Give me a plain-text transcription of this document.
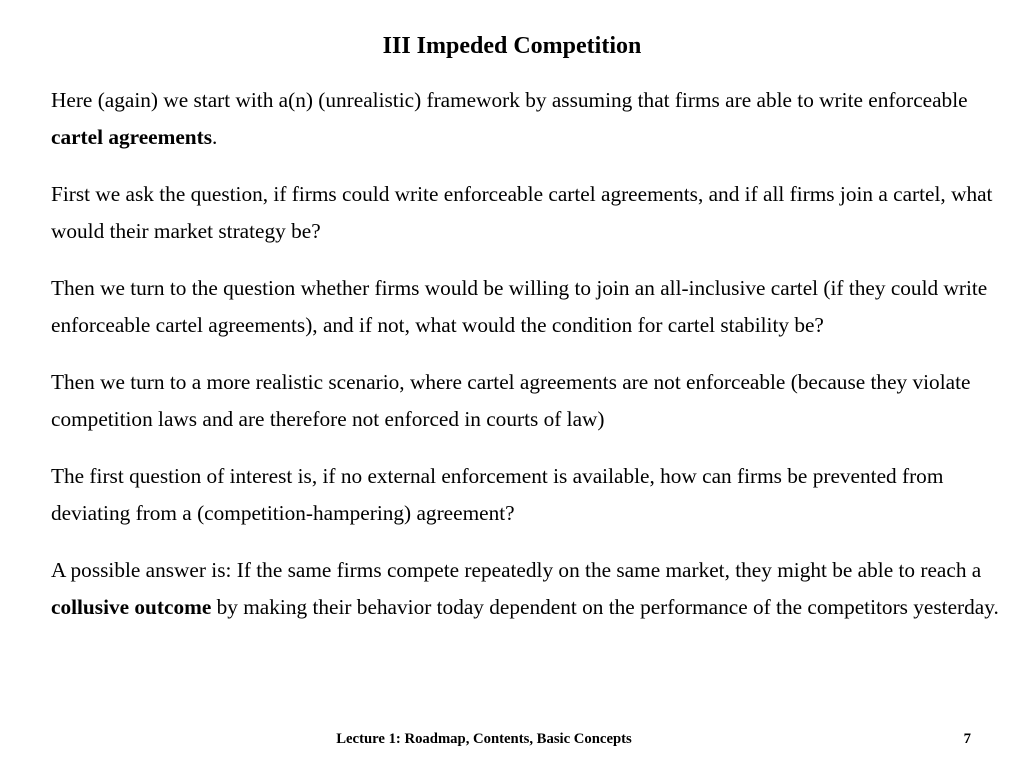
III Impeded Competition

Here (again) we start with a(n) (unrealistic) framework by assuming that firms are able to write enforceable cartel agreements.

First we ask the question, if firms could write enforceable cartel agreements, and if all firms join a cartel, what would their market strategy be?

Then we turn to the question whether firms would be willing to join an all-inclusive cartel (if they could write enforceable cartel agreements), and if not, what would the condition for cartel stability be?

Then we turn to a more realistic scenario, where cartel agreements are not enforceable (because they violate competition laws and are therefore not enforced in courts of law)

The first question of interest is, if no external enforcement is available, how can firms be prevented from deviating from a (competition-hampering) agreement?

A possible answer is: If the same firms compete repeatedly on the same market, they might be able to reach a collusive outcome by making their behavior today dependent on the performance of the competitors yesterday.

Lecture 1: Roadmap, Contents, Basic Concepts	7
